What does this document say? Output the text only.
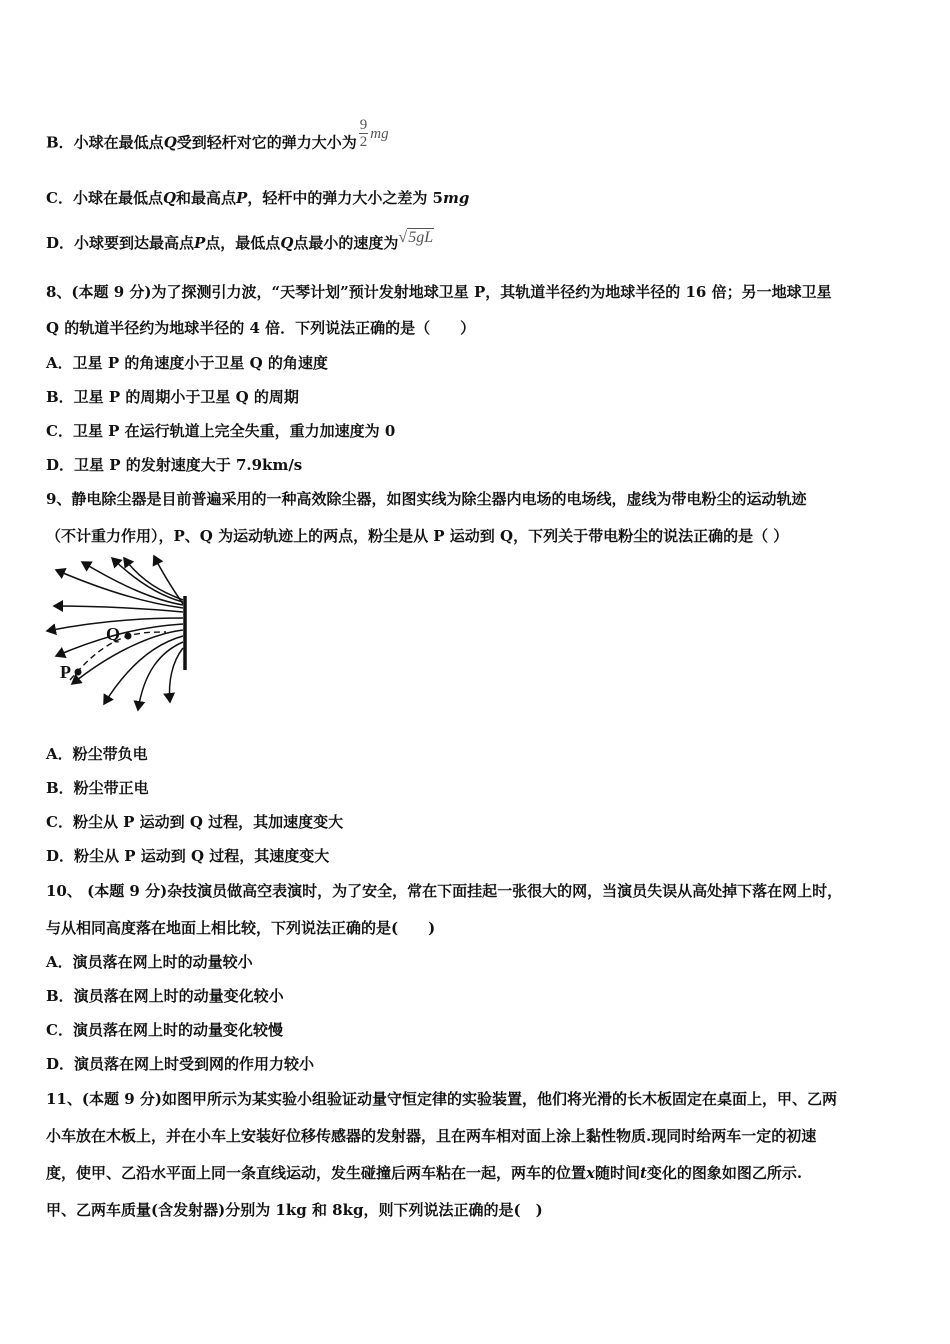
B．小球在最低点Q受到轻杆对它的弹力大小为 $\frac{9}{2}$ mg
C．小球在最低点Q和最高点P，轻杆中的弹力大小之差为 5mg
D．小球要到达最高点P点，最低点Q点最小的速度为√5gL
8、(本题 9 分)为了探测引力波，“天琴计划”预计发射地球卫星 P，其轨道半径约为地球半径的 16 倍；另一地球卫星
Q 的轨道半径约为地球半径的 4 倍．下列说法正确的是（　　）
A．卫星 P 的角速度小于卫星 Q 的角速度
B．卫星 P 的周期小于卫星 Q 的周期
C．卫星 P 在运行轨道上完全失重，重力加速度为 0
D．卫星 P 的发射速度大于 7.9km/s
9、静电除尘器是目前普遍采用的一种高效除尘器，如图实线为除尘器内电场的电场线，虚线为带电粉尘的运动轨迹
（不计重力作用），P、Q 为运动轨迹上的两点，粉尘是从 P 运动到 Q，下列关于带电粉尘的说法正确的是（ ）
P
Q
A．粉尘带负电
B．粉尘带正电
C．粉尘从 P 运动到 Q 过程，其加速度变大
D．粉尘从 P 运动到 Q 过程，其速度变大
10、 (本题 9 分)杂技演员做高空表演时，为了安全，常在下面挂起一张很大的网，当演员失误从高处掉下落在网上时，
与从相同高度落在地面上相比较，下列说法正确的是(　　)
A．演员落在网上时的动量较小
B．演员落在网上时的动量变化较小
C．演员落在网上时的动量变化较慢
D．演员落在网上时受到网的作用力较小
11、(本题 9 分)如图甲所示为某实验小组验证动量守恒定律的实验装置，他们将光滑的长木板固定在桌面上，甲、乙两
小车放在木板上，并在小车上安装好位移传感器的发射器，且在两车相对面上涂上黏性物质.现同时给两车一定的初速
度，使甲、乙沿水平面上同一条直线运动，发生碰撞后两车粘在一起，两车的位置x随时间t变化的图象如图乙所示.
甲、乙两车质量(含发射器)分别为 1kg 和 8kg，则下列说法正确的是(　)
